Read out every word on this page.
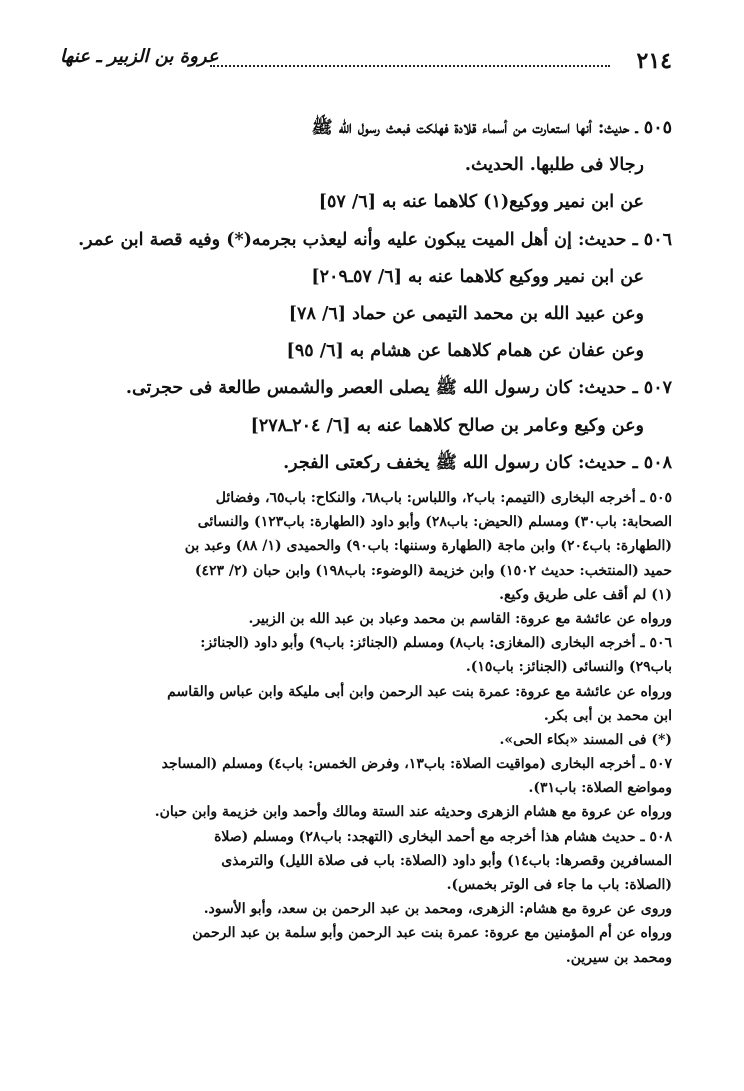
٢١٤
عروة بن الزبير ـ عنها
٥٠٥ ـ حديث: أنها استعارت من أسماء قلادة فهلكت فبعث رسول الله ﷺ
رجالا فى طلبها. الحديث.
عن ابن نمير ووكيع(١) كلاهما عنه به [٦/ ٥٧]
٥٠٦ ـ حديث: إن أهل الميت يبكون عليه وأنه ليعذب بجرمه(*) وفيه قصة ابن عمر.
عن ابن نمير ووكيع كلاهما عنه به [٦/ ٥٧ـ٢٠٩]
وعن عبيد الله بن محمد التيمى عن حماد [٦/ ٧٨]
وعن عفان عن همام كلاهما عن هشام به [٦/ ٩٥]
٥٠٧ ـ حديث: كان رسول الله ﷺ يصلى العصر والشمس طالعة فى حجرتى.
وعن وكيع وعامر بن صالح كلاهما عنه به [٦/ ٢٠٤ـ٢٧٨]
٥٠٨ ـ حديث: كان رسول الله ﷺ يخفف ركعتى الفجر.
٥٠٥ ـ أخرجه البخارى (التيمم: باب٢، واللباس: باب٦٨، والنكاح: باب٦٥، وفضائل
الصحابة: باب٣٠) ومسلم (الحيض: باب٢٨) وأبو داود (الطهارة: باب١٢٣) والنسائى
(الطهارة: باب٢٠٤) وابن ماجة (الطهارة وسننها: باب٩٠) والحميدى (١/ ٨٨) وعبد بن
حميد (المنتخب: حديث ١٥٠٢) وابن خزيمة (الوضوء: باب١٩٨) وابن حبان (٢/ ٤٢٣)
(١) لم أقف على طريق وكيع.
ورواه عن عائشة مع عروة: القاسم بن محمد وعباد بن عبد الله بن الزبير.
٥٠٦ ـ أخرجه البخارى (المغازى: باب٨) ومسلم (الجنائز: باب٩) وأبو داود (الجنائز:
باب٢٩) والنسائى (الجنائز: باب١٥).
ورواه عن عائشة مع عروة: عمرة بنت عبد الرحمن وابن أبى مليكة وابن عباس والقاسم
ابن محمد بن أبى بكر.
(*) فى المسند «بكاء الحى».
٥٠٧ ـ أخرجه البخارى (مواقيت الصلاة: باب١٣، وفرض الخمس: باب٤) ومسلم (المساجد
ومواضع الصلاة: باب٣١).
ورواه عن عروة مع هشام الزهرى وحديثه عند الستة ومالك وأحمد وابن خزيمة وابن حبان.
٥٠٨ ـ حديث هشام هذا أخرجه مع أحمد البخارى (التهجد: باب٢٨) ومسلم (صلاة
المسافرين وقصرها: باب١٤) وأبو داود (الصلاة: باب فى صلاة الليل) والترمذى
(الصلاة: باب ما جاء فى الوتر بخمس).
وروى عن عروة مع هشام: الزهرى، ومحمد بن عبد الرحمن بن سعد، وأبو الأسود.
ورواه عن أم المؤمنين مع عروة: عمرة بنت عبد الرحمن وأبو سلمة بن عبد الرحمن
ومحمد بن سيرين.
